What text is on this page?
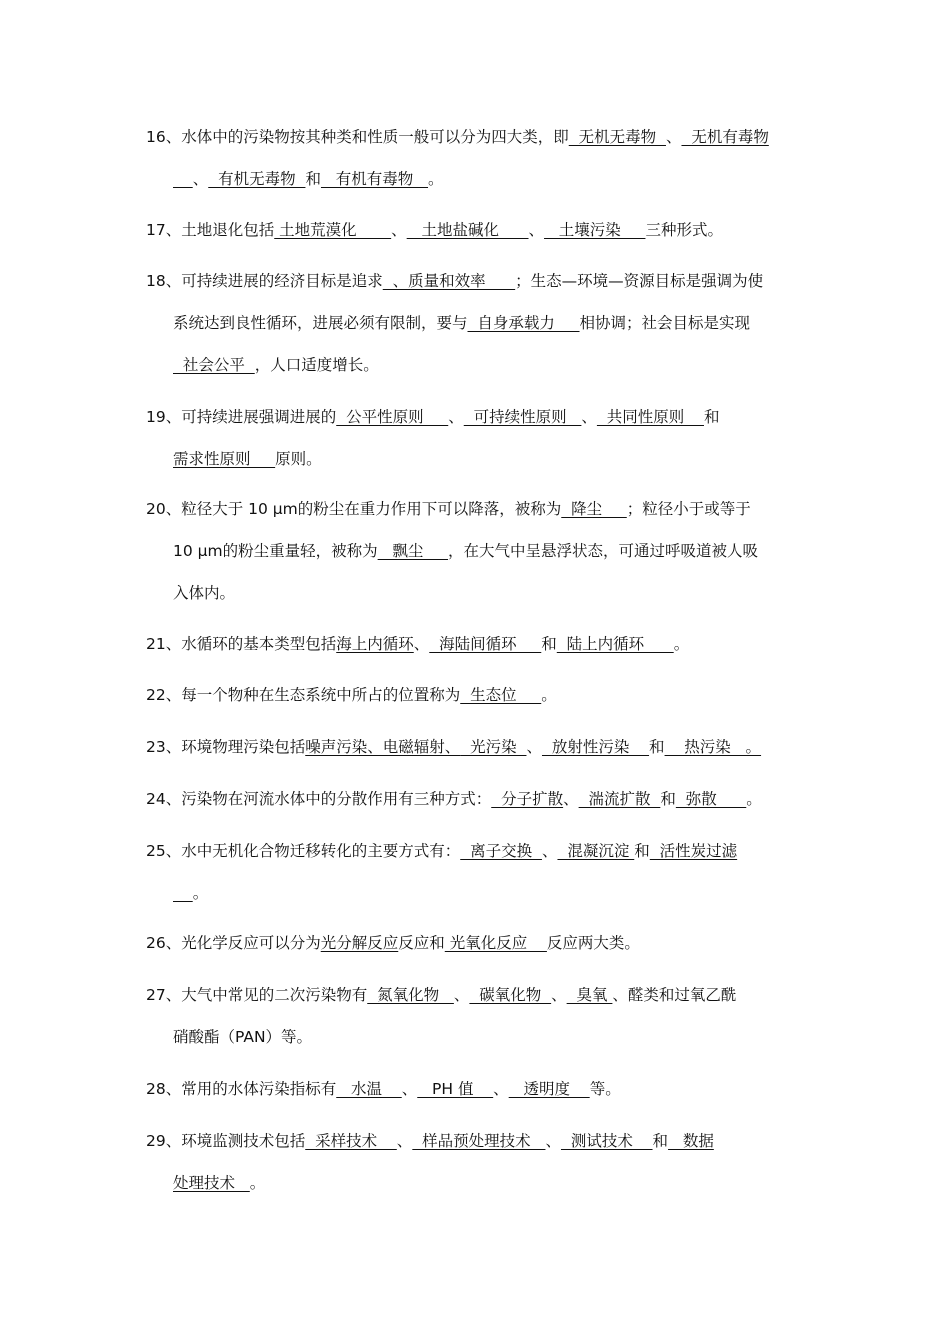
16、水体中的污染物按其种类和性质一般可以分为四大类，即  无机无毒物  、  无机有毒物
、  有机无毒物  和   有机有毒物   。
17、土地退化包括 土地荒漠化       、   土地盐碱化      、   土壤污染     三种形式。
18、可持续进展的经济目标是追求  、质量和效率      ；生态—环境—资源目标是强调为使
系统达到良性循环，进展必须有限制，要与  自身承载力     相协调；社会目标是实现
社会公平  ，人口适度增长。
19、可持续进展强调进展的  公平性原则     、  可持续性原则   、  共同性原则    和
需求性原则     原则。
20、粒径大于 10 μm的粉尘在重力作用下可以降落，被称为  降尘     ；粒径小于或等于
10 μm的粉尘重量轻，被称为   飘尘     ，在大气中呈悬浮状态，可通过呼吸道被人吸
入体内。
21、水循环的基本类型包括海上内循环、  海陆间循环     和  陆上内循环      。
22、每一个物种在生态系统中所占的位置称为  生态位     。
23、环境物理污染包括噪声污染、电磁辐射、  光污染  、  放射性污染    和    热污染   。
24、污染物在河流水体中的分散作用有三种方式：  分子扩散、  湍流扩散  和  弥散      。
25、水中无机化合物迁移转化的主要方式有：  离子交换  、  混凝沉淀 和  活性炭过滤
。
26、光化学反应可以分为光分解反应反应和 光氧化反应    反应两大类。
27、大气中常见的二次污染物有  氮氧化物   、  碳氧化物  、  臭氧 、醛类和过氧乙酰
硝酸酯（PAN）等。
28、常用的水体污染指标有   水温    、   PH 值    、   透明度    等。
29、环境监测技术包括  采样技术    、  样品预处理技术   、  测试技术    和   数据
处理技术   。
